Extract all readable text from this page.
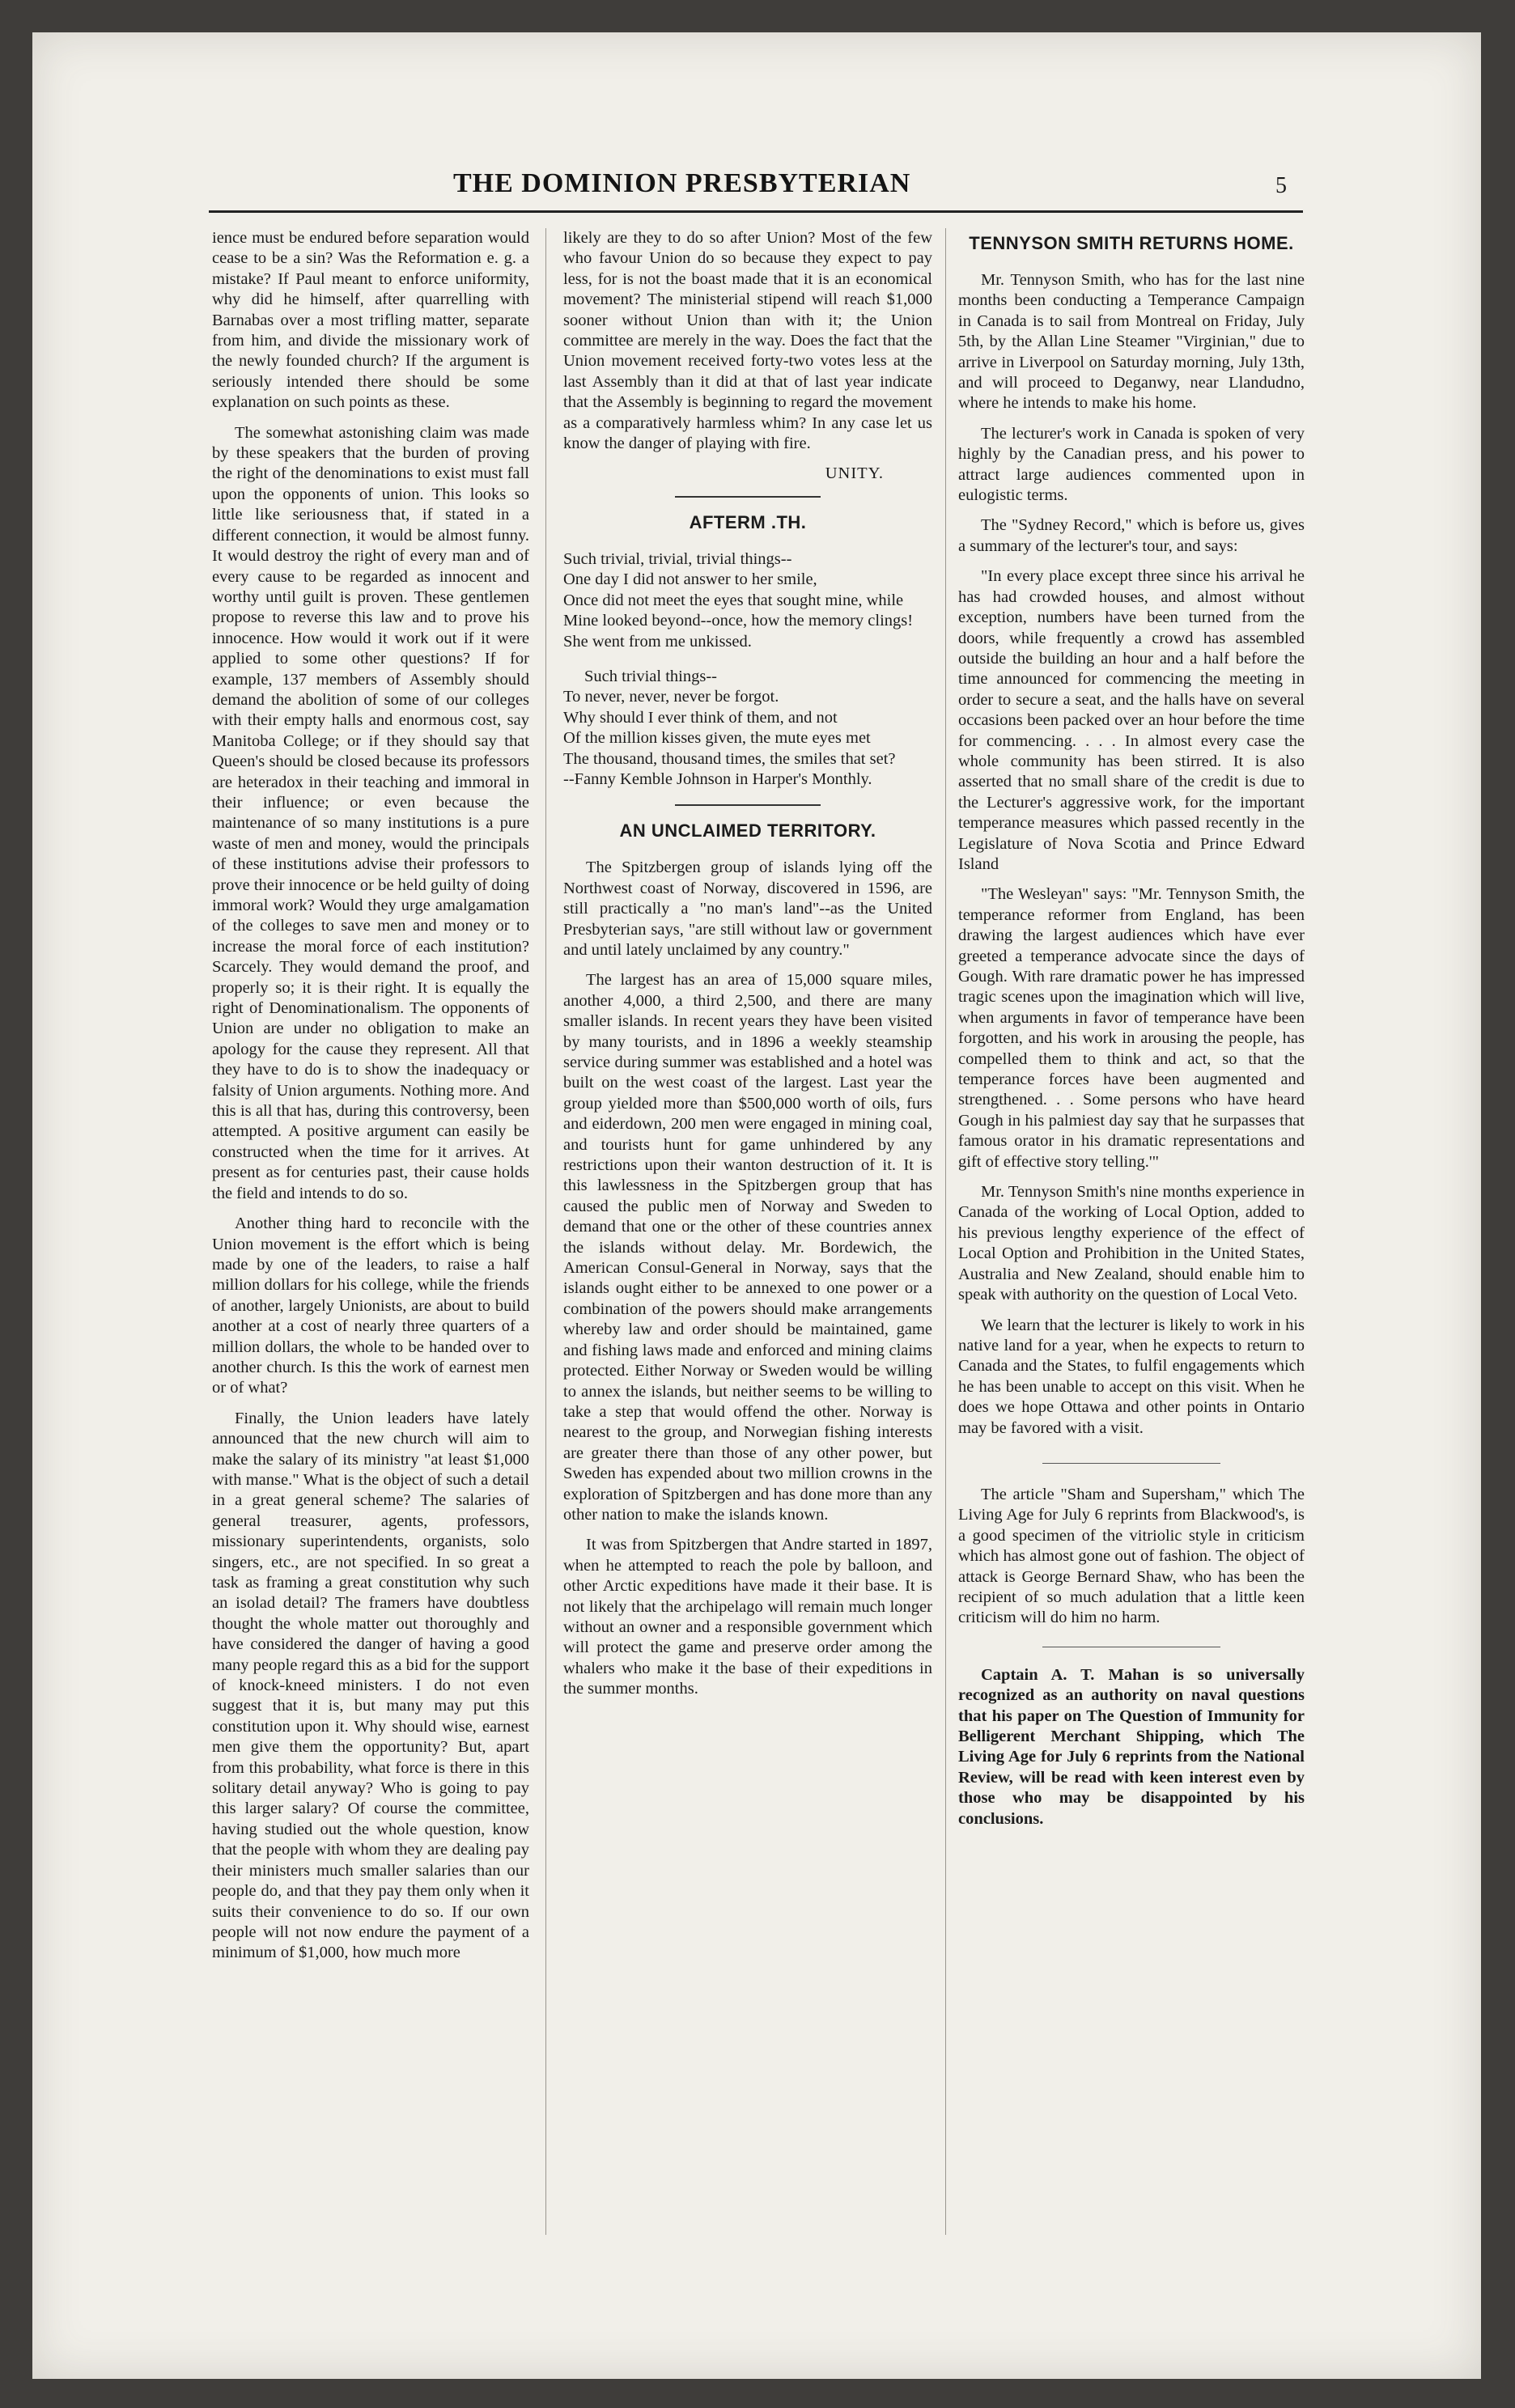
THE DOMINION PRESBYTERIAN	5

ience must be endured before separation would cease to be a sin? Was the Reformation e. g. a mistake? If Paul meant to enforce uniformity, why did he himself, after quarrelling with Barnabas over a most trifling matter, separate from him, and divide the missionary work of the newly founded church? If the argument is seriously intended there should be some explanation on such points as these.

The somewhat astonishing claim was made by these speakers that the burden of proving the right of the denominations to exist must fall upon the opponents of union. This looks so little like seriousness that, if stated in a different connection, it would be almost funny. It would destroy the right of every man and of every cause to be regarded as innocent and worthy until guilt is proven. These gentlemen propose to reverse this law and to prove his innocence. How would it work out if it were applied to some other questions? If for example, 137 members of Assembly should demand the abolition of some of our colleges with their empty halls and enormous cost, say Manitoba College; or if they should say that Queen's should be closed because its professors are heteradox in their teaching and immoral in their influence; or even because the maintenance of so many institutions is a pure waste of men and money, would the principals of these institutions advise their professors to prove their innocence or be held guilty of doing immoral work? Would they urge amalgamation of the colleges to save men and money or to increase the moral force of each institution? Scarcely. They would demand the proof, and properly so; it is their right. It is equally the right of Denominationalism. The opponents of Union are under no obligation to make an apology for the cause they represent. All that they have to do is to show the inadequacy or falsity of Union arguments. Nothing more. And this is all that has, during this controversy, been attempted. A positive argument can easily be constructed when the time for it arrives. At present as for centuries past, their cause holds the field and intends to do so.

Another thing hard to reconcile with the Union movement is the effort which is being made by one of the leaders, to raise a half million dollars for his college, while the friends of another, largely Unionists, are about to build another at a cost of nearly three quarters of a million dollars, the whole to be handed over to another church. Is this the work of earnest men or of what?

Finally, the Union leaders have lately announced that the new church will aim to make the salary of its ministry "at least $1,000 with manse." What is the object of such a detail in a great general scheme? The salaries of general treasurer, agents, professors, missionary superintendents, organists, solo singers, etc., are not specified. In so great a task as framing a great constitution why such an isolad detail? The framers have doubtless thought the whole matter out thoroughly and have considered the danger of having a good many people regard this as a bid for the support of knock-kneed ministers. I do not even suggest that it is, but many may put this constitution upon it. Why should wise, earnest men give them the opportunity? But, apart from this probability, what force is there in this solitary detail anyway? Who is going to pay this larger salary? Of course the committee, having studied out the whole question, know that the people with whom they are dealing pay their ministers much smaller salaries than our people do, and that they pay them only when it suits their convenience to do so. If our own people will not now endure the payment of a minimum of $1,000, how much more

likely are they to do so after Union? Most of the few who favour Union do so because they expect to pay less, for is not the boast made that it is an economical movement? The ministerial stipend will reach $1,000 sooner without Union than with it; the Union committee are merely in the way. Does the fact that the Union movement received forty-two votes less at the last Assembly than it did at that of last year indicate that the Assembly is beginning to regard the movement as a comparatively harmless whim? In any case let us know the danger of playing with fire.

UNITY.
AFTERM .TH.
Such trivial, trivial, trivial things--
One day I did not answer to her smile,
Once did not meet the eyes that sought mine, while
Mine looked beyond--once, how the memory clings!
She went from me unkissed.
Such trivial things--
To never, never, never be forgot.
Why should I ever think of them, and not
Of the million kisses given, the mute eyes met
The thousand, thousand times, the smiles that set?
--Fanny Kemble Johnson in Harper's Monthly.
AN UNCLAIMED TERRITORY.

The Spitzbergen group of islands lying off the Northwest coast of Norway, discovered in 1596, are still practically a "no man's land"--as the United Presbyterian says, "are still without law or government and until lately unclaimed by any country."

The largest has an area of 15,000 square miles, another 4,000, a third 2,500, and there are many smaller islands. In recent years they have been visited by many tourists, and in 1896 a weekly steamship service during summer was established and a hotel was built on the west coast of the largest. Last year the group yielded more than $500,000 worth of oils, furs and eiderdown, 200 men were engaged in mining coal, and tourists hunt for game unhindered by any restrictions upon their wanton destruction of it. It is this lawlessness in the Spitzbergen group that has caused the public men of Norway and Sweden to demand that one or the other of these countries annex the islands without delay. Mr. Bordewich, the American Consul-General in Norway, says that the islands ought either to be annexed to one power or a combination of the powers should make arrangements whereby law and order should be maintained, game and fishing laws made and enforced and mining claims protected. Either Norway or Sweden would be willing to annex the islands, but neither seems to be willing to take a step that would offend the other. Norway is nearest to the group, and Norwegian fishing interests are greater there than those of any other power, but Sweden has expended about two million crowns in the exploration of Spitzbergen and has done more than any other nation to make the islands known.

It was from Spitzbergen that Andre started in 1897, when he attempted to reach the pole by balloon, and other Arctic expeditions have made it their base. It is not likely that the archipelago will remain much longer without an owner and a responsible government which will protect the game and preserve order among the whalers who make it the base of their expeditions in the summer months.

TENNYSON SMITH RETURNS HOME.

Mr. Tennyson Smith, who has for the last nine months been conducting a Temperance Campaign in Canada is to sail from Montreal on Friday, July 5th, by the Allan Line Steamer "Virginian," due to arrive in Liverpool on Saturday morning, July 13th, and will proceed to Deganwy, near Llandudno, where he intends to make his home.

The lecturer's work in Canada is spoken of very highly by the Canadian press, and his power to attract large audiences commented upon in eulogistic terms.

The "Sydney Record," which is before us, gives a summary of the lecturer's tour, and says:

"In every place except three since his arrival he has had crowded houses, and almost without exception, numbers have been turned from the doors, while frequently a crowd has assembled outside the building an hour and a half before the time announced for commencing the meeting in order to secure a seat, and the halls have on several occasions been packed over an hour before the time for commencing. . . . In almost every case the whole community has been stirred. It is also asserted that no small share of the credit is due to the Lecturer's aggressive work, for the important temperance measures which passed recently in the Legislature of Nova Scotia and Prince Edward Island

"The Wesleyan" says: "Mr. Tennyson Smith, the temperance reformer from England, has been drawing the largest audiences which have ever greeted a temperance advocate since the days of Gough. With rare dramatic power he has impressed tragic scenes upon the imagination which will live, when arguments in favor of temperance have been forgotten, and his work in arousing the people, has compelled them to think and act, so that the temperance forces have been augmented and strengthened. . . Some persons who have heard Gough in his palmiest day say that he surpasses that famous orator in his dramatic representations and gift of effective story telling.'"

Mr. Tennyson Smith's nine months experience in Canada of the working of Local Option, added to his previous lengthy experience of the effect of Local Option and Prohibition in the United States, Australia and New Zealand, should enable him to speak with authority on the question of Local Veto.

We learn that the lecturer is likely to work in his native land for a year, when he expects to return to Canada and the States, to fulfil engagements which he has been unable to accept on this visit. When he does we hope Ottawa and other points in Ontario may be favored with a visit.

The article "Sham and Supersham," which The Living Age for July 6 reprints from Blackwood's, is a good specimen of the vitriolic style in criticism which has almost gone out of fashion. The object of attack is George Bernard Shaw, who has been the recipient of so much adulation that a little keen criticism will do him no harm.

Captain A. T. Mahan is so universally recognized as an authority on naval questions that his paper on The Question of Immunity for Belligerent Merchant Shipping, which The Living Age for July 6 reprints from the National Review, will be read with keen interest even by those who may be disappointed by his conclusions.
